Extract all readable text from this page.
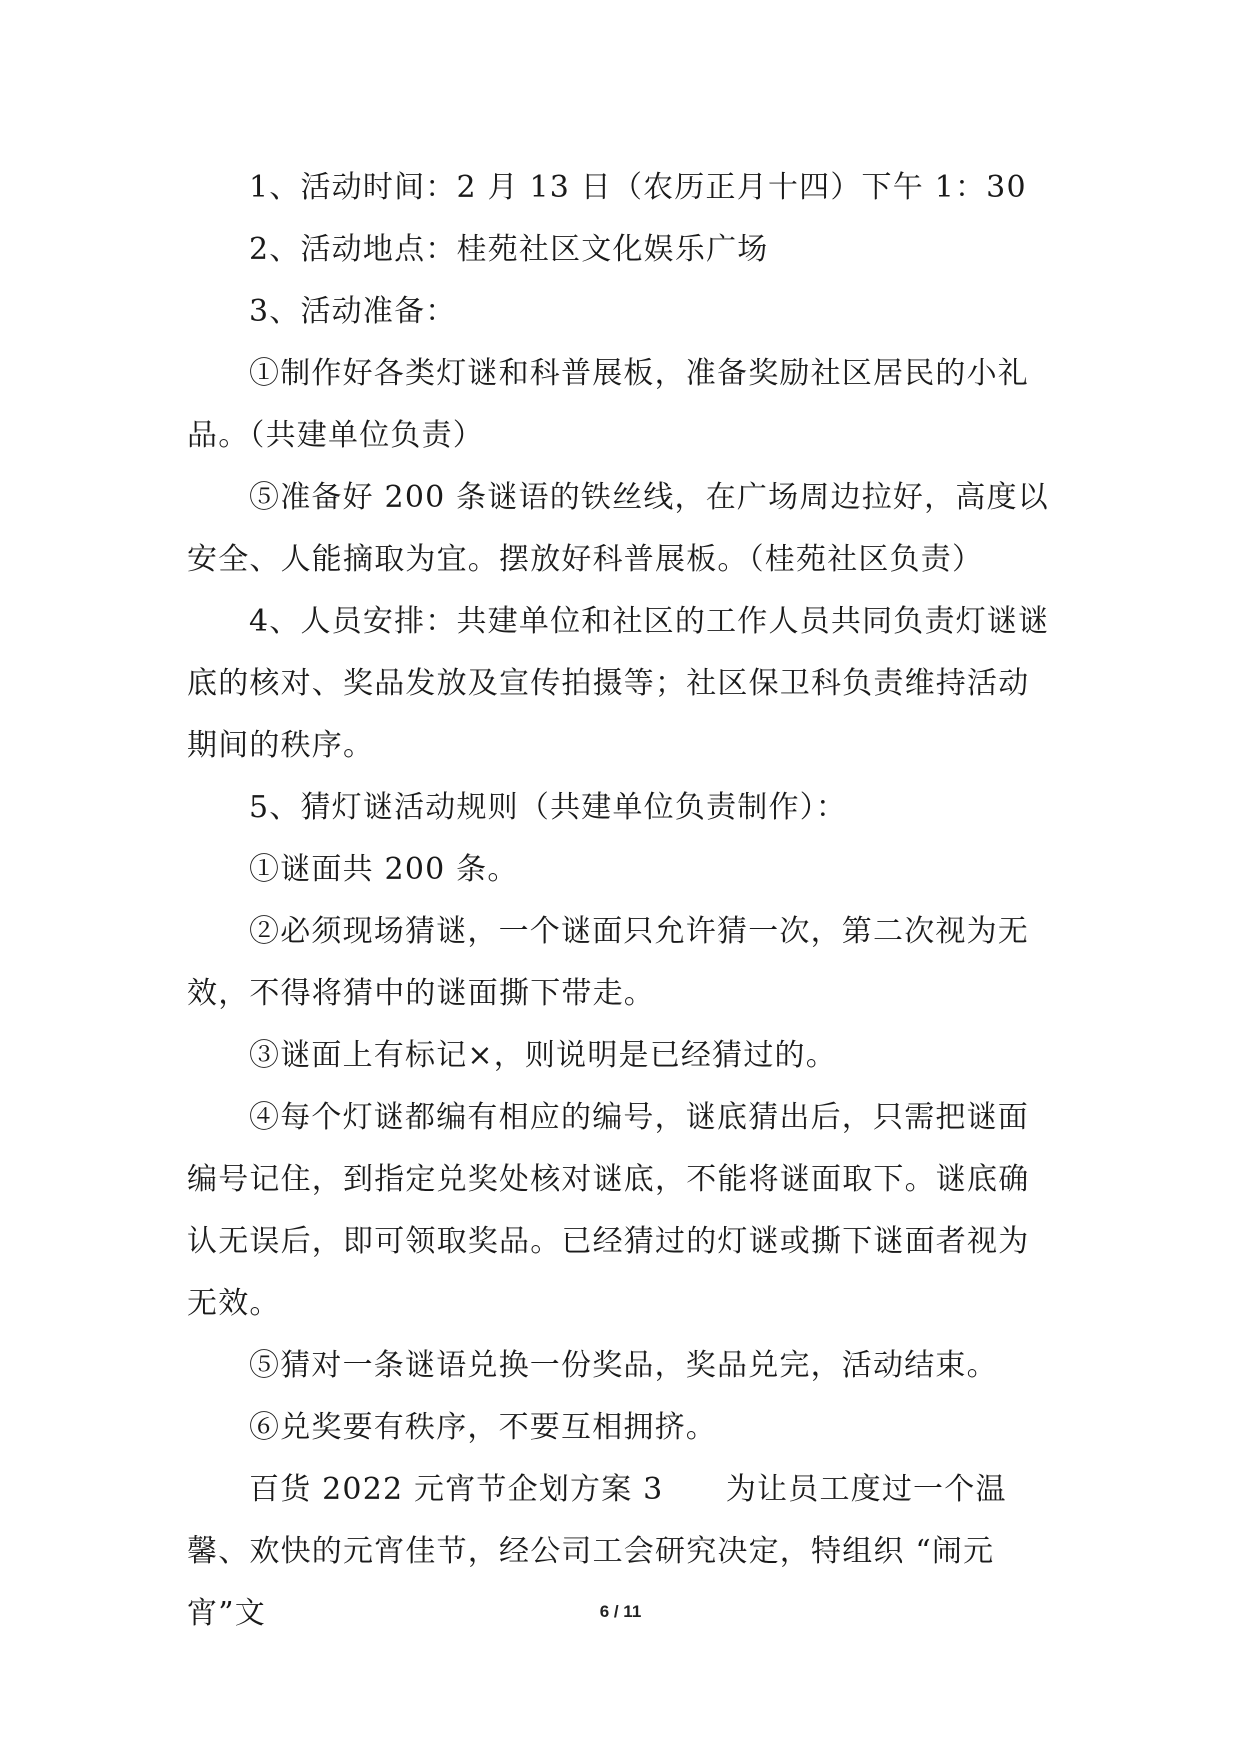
1、活动时间：2 月 13 日（农历正月十四）下午 1：30

2、活动地点：桂苑社区文化娱乐广场

3、活动准备：

①制作好各类灯谜和科普展板，准备奖励社区居民的小礼品。（共建单位负责）

⑤准备好 200 条谜语的铁丝线，在广场周边拉好，高度以安全、人能摘取为宜。摆放好科普展板。（桂苑社区负责）

4、人员安排：共建单位和社区的工作人员共同负责灯谜谜底的核对、奖品发放及宣传拍摄等；社区保卫科负责维持活动期间的秩序。

5、猜灯谜活动规则（共建单位负责制作）：

①谜面共 200 条。

②必须现场猜谜，一个谜面只允许猜一次，第二次视为无效，不得将猜中的谜面撕下带走。

③谜面上有标记×，则说明是已经猜过的。

④每个灯谜都编有相应的编号，谜底猜出后，只需把谜面编号记住，到指定兑奖处核对谜底，不能将谜面取下。谜底确认无误后，即可领取奖品。已经猜过的灯谜或撕下谜面者视为无效。

⑤猜对一条谜语兑换一份奖品，奖品兑完，活动结束。

⑥兑奖要有秩序，不要互相拥挤。

百货 2022 元宵节企划方案 3　　为让员工度过一个温馨、欢快的元宵佳节，经公司工会研究决定，特组织 “闹元宵”文	6 / 11
